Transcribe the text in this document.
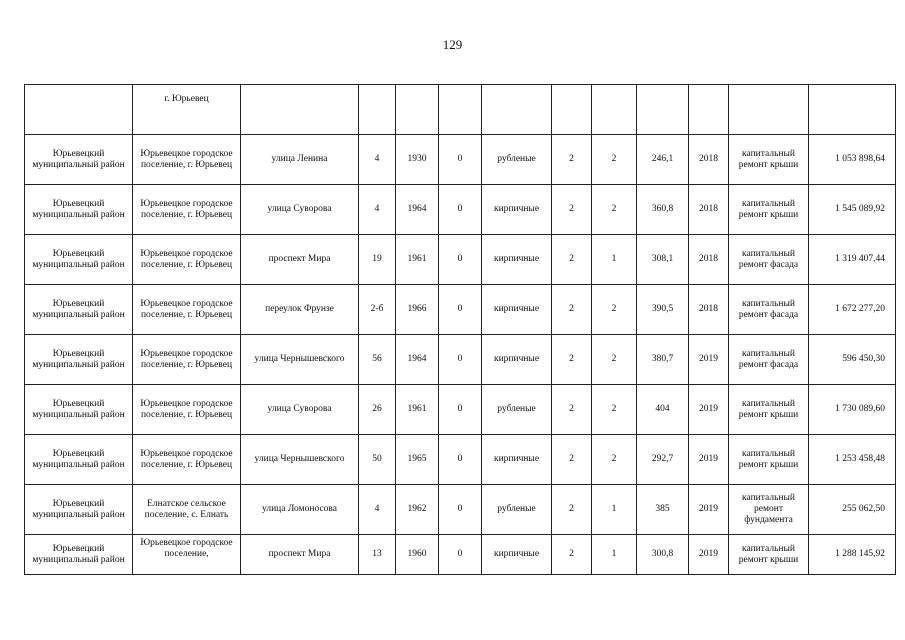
129
	г. Юрьевец											
Юрьевецкий муниципальный район	Юрьевецкое городское поселение, г. Юрьевец	улица Ленина	4	1930	0	рубленые	2	2	246,1	2018	капитальный ремонт крыши	1 053 898,64
Юрьевецкий муниципальный район	Юрьевецкое городское поселение, г. Юрьевец	улица Суворова	4	1964	0	кирпичные	2	2	360,8	2018	капитальный ремонт крыши	1 545 089,92
Юрьевецкий муниципальный район	Юрьевецкое городское поселение, г. Юрьевец	проспект Мира	19	1961	0	кирпичные	2	1	308,1	2018	капитальный ремонт фасада	1 319 407,44
Юрьевецкий муниципальный район	Юрьевецкое городское поселение, г. Юрьевец	переулок Фрунзе	2-б	1966	0	кирпичные	2	2	390,5	2018	капитальный ремонт фасада	1 672 277,20
Юрьевецкий муниципальный район	Юрьевецкое городское поселение, г. Юрьевец	улица Чернышевского	56	1964	0	кирпичные	2	2	380,7	2019	капитальный ремонт фасада	596 450,30
Юрьевецкий муниципальный район	Юрьевецкое городское поселение, г. Юрьевец	улица Суворова	26	1961	0	рубленые	2	2	404	2019	капитальный ремонт крыши	1 730 089,60
Юрьевецкий муниципальный район	Юрьевецкое городское поселение, г. Юрьевец	улица Чернышевского	50	1965	0	кирпичные	2	2	292,7	2019	капитальный ремонт крыши	1 253 458,48
Юрьевецкий муниципальный район	Елнатское сельское поселение, с. Елнать	улица Ломоносова	4	1962	0	рубленые	2	1	385	2019	капитальный ремонт фундамента	255 062,50
Юрьевецкий муниципальный район	Юрьевецкое городское поселение,	проспект Мира	13	1960	0	кирпичные	2	1	300,8	2019	капитальный ремонт крыши	1 288 145,92
